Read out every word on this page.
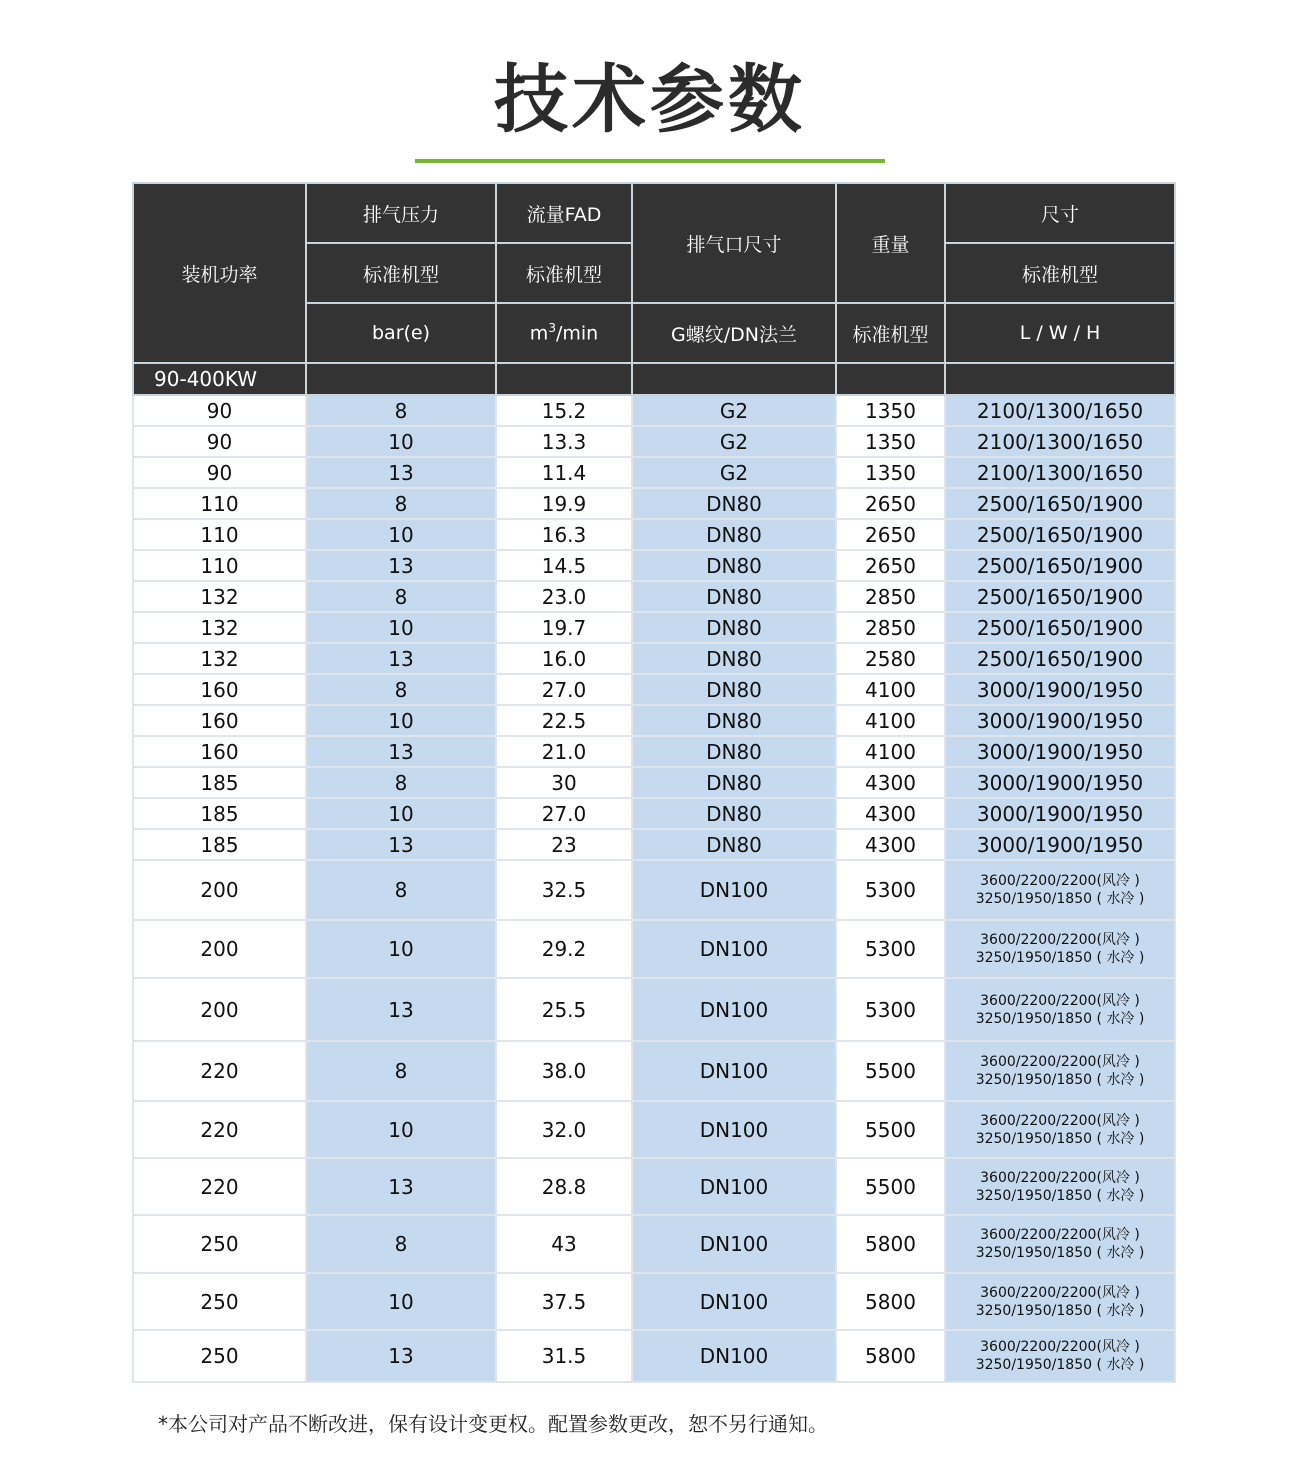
技术参数
装机功率	排气压力	流量FAD	排气口尺寸	重量	尺寸
	标准机型	标准机型			标准机型
	bar(e)	$m^3/\min$	G螺纹/DN法兰	标准机型	L / W / H
90-400KW					
90	8	15.2	G2	1350	2100/1300/1650
90	10	13.3	G2	1350	2100/1300/1650
90	13	11.4	G2	1350	2100/1300/1650
110	8	19.9	DN80	2650	2500/1650/1900
110	10	16.3	DN80	2650	2500/1650/1900
110	13	14.5	DN80	2650	2500/1650/1900
132	8	23.0	DN80	2850	2500/1650/1900
132	10	19.7	DN80	2850	2500/1650/1900
132	13	16.0	DN80	2580	2500/1650/1900
160	8	27.0	DN80	4100	3000/1900/1950
160	10	22.5	DN80	4100	3000/1900/1950
160	13	21.0	DN80	4100	3000/1900/1950
185	8	30	DN80	4300	3000/1900/1950
185	10	27.0	DN80	4300	3000/1900/1950
185	13	23	DN80	4300	3000/1900/1950
200	8	32.5	DN100	5300	3600/2200/2200(风冷 )
3250/1950/1850 ( 水冷 )

200	10	29.2	DN100	5300	3600/2200/2200(风冷 )
3250/1950/1850 ( 水冷 )

200	13	25.5	DN100	5300	3600/2200/2200(风冷 )
3250/1950/1850 ( 水冷 )

220	8	38.0	DN100	5500	3600/2200/2200(风冷 )
3250/1950/1850 ( 水冷 )

220	10	32.0	DN100	5500	3600/2200/2200(风冷 )
3250/1950/1850 ( 水冷 )

220	13	28.8	DN100	5500	3600/2200/2200(风冷 )
3250/1950/1850 ( 水冷 )

250	8	43	DN100	5800	3600/2200/2200(风冷 )
3250/1950/1850 ( 水冷 )

250	10	37.5	DN100	5800	3600/2200/2200(风冷 )
3250/1950/1850 ( 水冷 )

250	13	31.5	DN100	5800	3600/2200/2200(风冷 )
3250/1950/1850 ( 水冷 )
*本公司对产品不断改进，保有设计变更权。配置参数更改，恕不另行通知。
